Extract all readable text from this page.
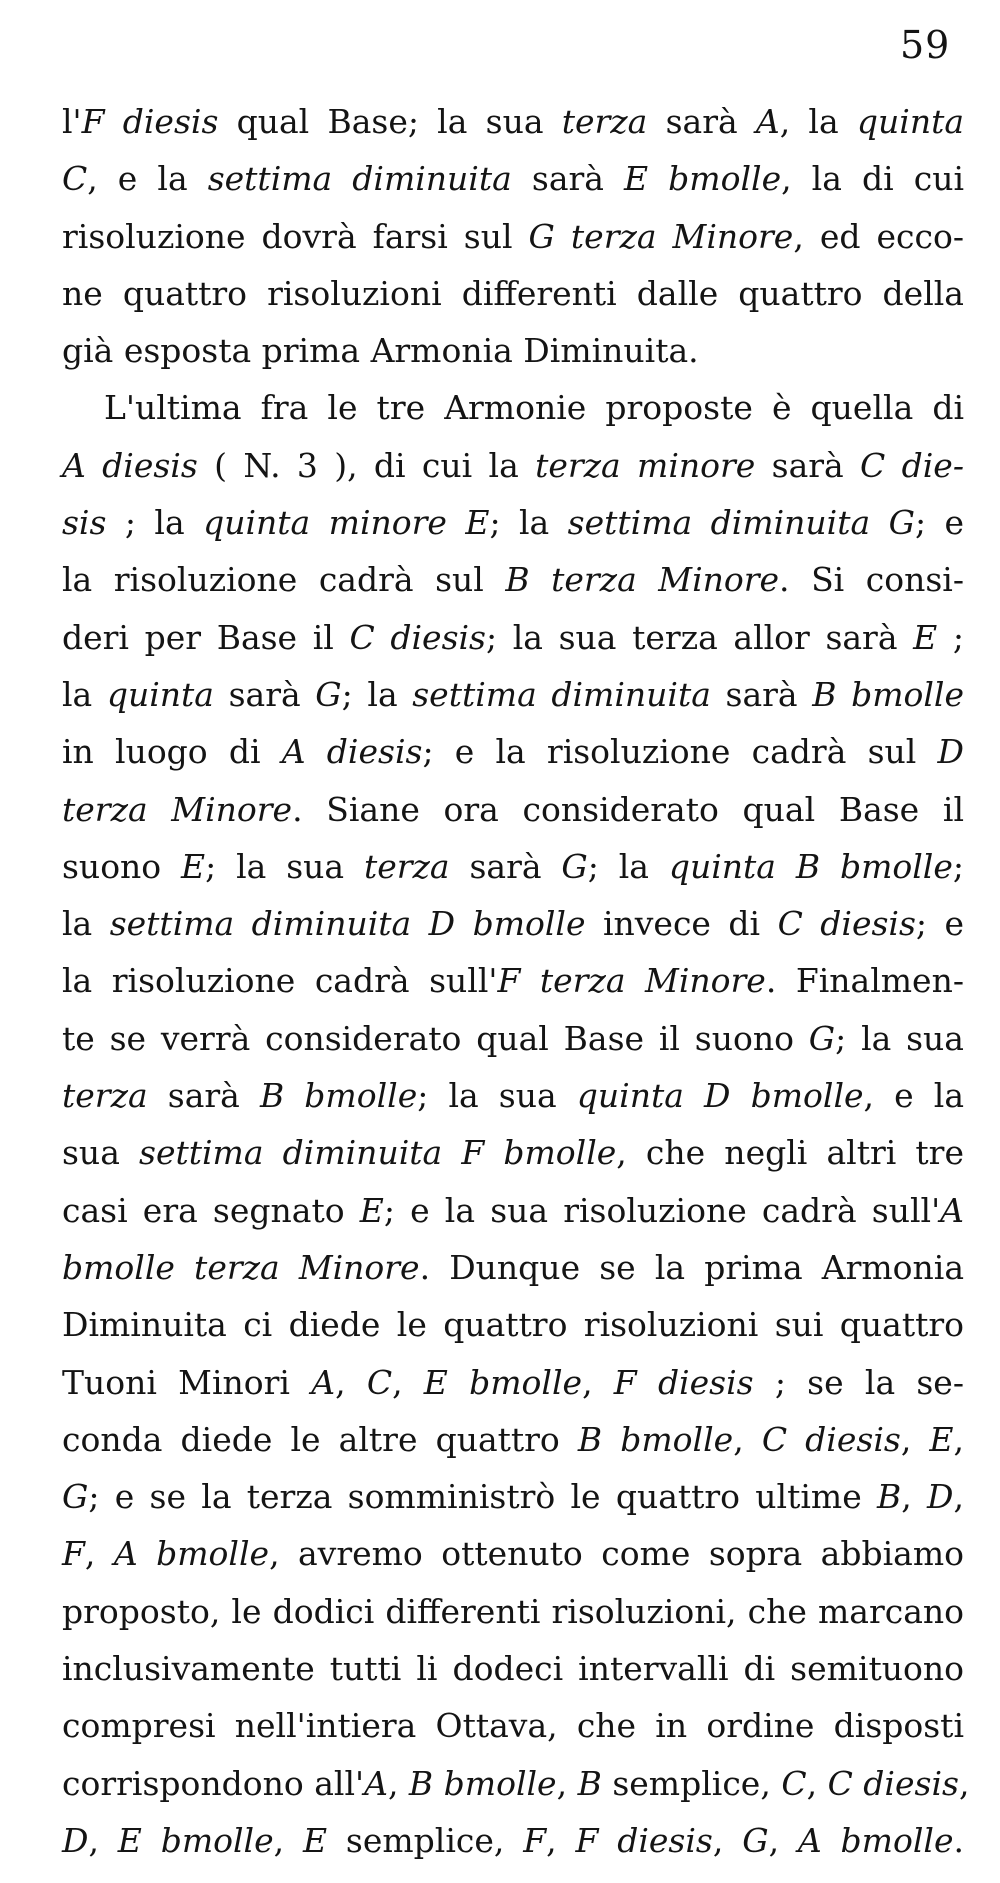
59
l'F diesis qual Base; la sua terza sarà A, la quinta
C, e la settima diminuita sarà E bmolle, la di cui
risoluzione dovrà farsi sul G terza Minore, ed ecco-
ne quattro risoluzioni differenti dalle quattro della
già esposta prima Armonia Diminuita.
L'ultima fra le tre Armonie proposte è quella di
A diesis ( N. 3 ), di cui la terza minore sarà C die-
sis ; la quinta minore E; la settima diminuita G; e
la risoluzione cadrà sul B terza Minore. Si consi-
deri per Base il C diesis; la sua terza allor sarà E ;
la quinta sarà G; la settima diminuita sarà B bmolle
in luogo di A diesis; e la risoluzione cadrà sul D
terza Minore. Siane ora considerato qual Base il
suono E; la sua terza sarà G; la quinta B bmolle;
la settima diminuita D bmolle invece di C diesis; e
la risoluzione cadrà sull'F terza Minore. Finalmen-
te se verrà considerato qual Base il suono G; la sua
terza sarà B bmolle; la sua quinta D bmolle, e la
sua settima diminuita F bmolle, che negli altri tre
casi era segnato E; e la sua risoluzione cadrà sull'A
bmolle terza Minore. Dunque se la prima Armonia
Diminuita ci diede le quattro risoluzioni sui quattro
Tuoni Minori A, C, E bmolle, F diesis ; se la se-
conda diede le altre quattro B bmolle, C diesis, E,
G; e se la terza somministrò le quattro ultime B, D,
F, A bmolle, avremo ottenuto come sopra abbiamo
proposto, le dodici differenti risoluzioni, che marcano
inclusivamente tutti li dodeci intervalli di semituono
compresi nell'intiera Ottava, che in ordine disposti
corrispondono all'A, B bmolle, B semplice, C, C diesis,
D, E bmolle, E semplice, F, F diesis, G, A bmolle.
